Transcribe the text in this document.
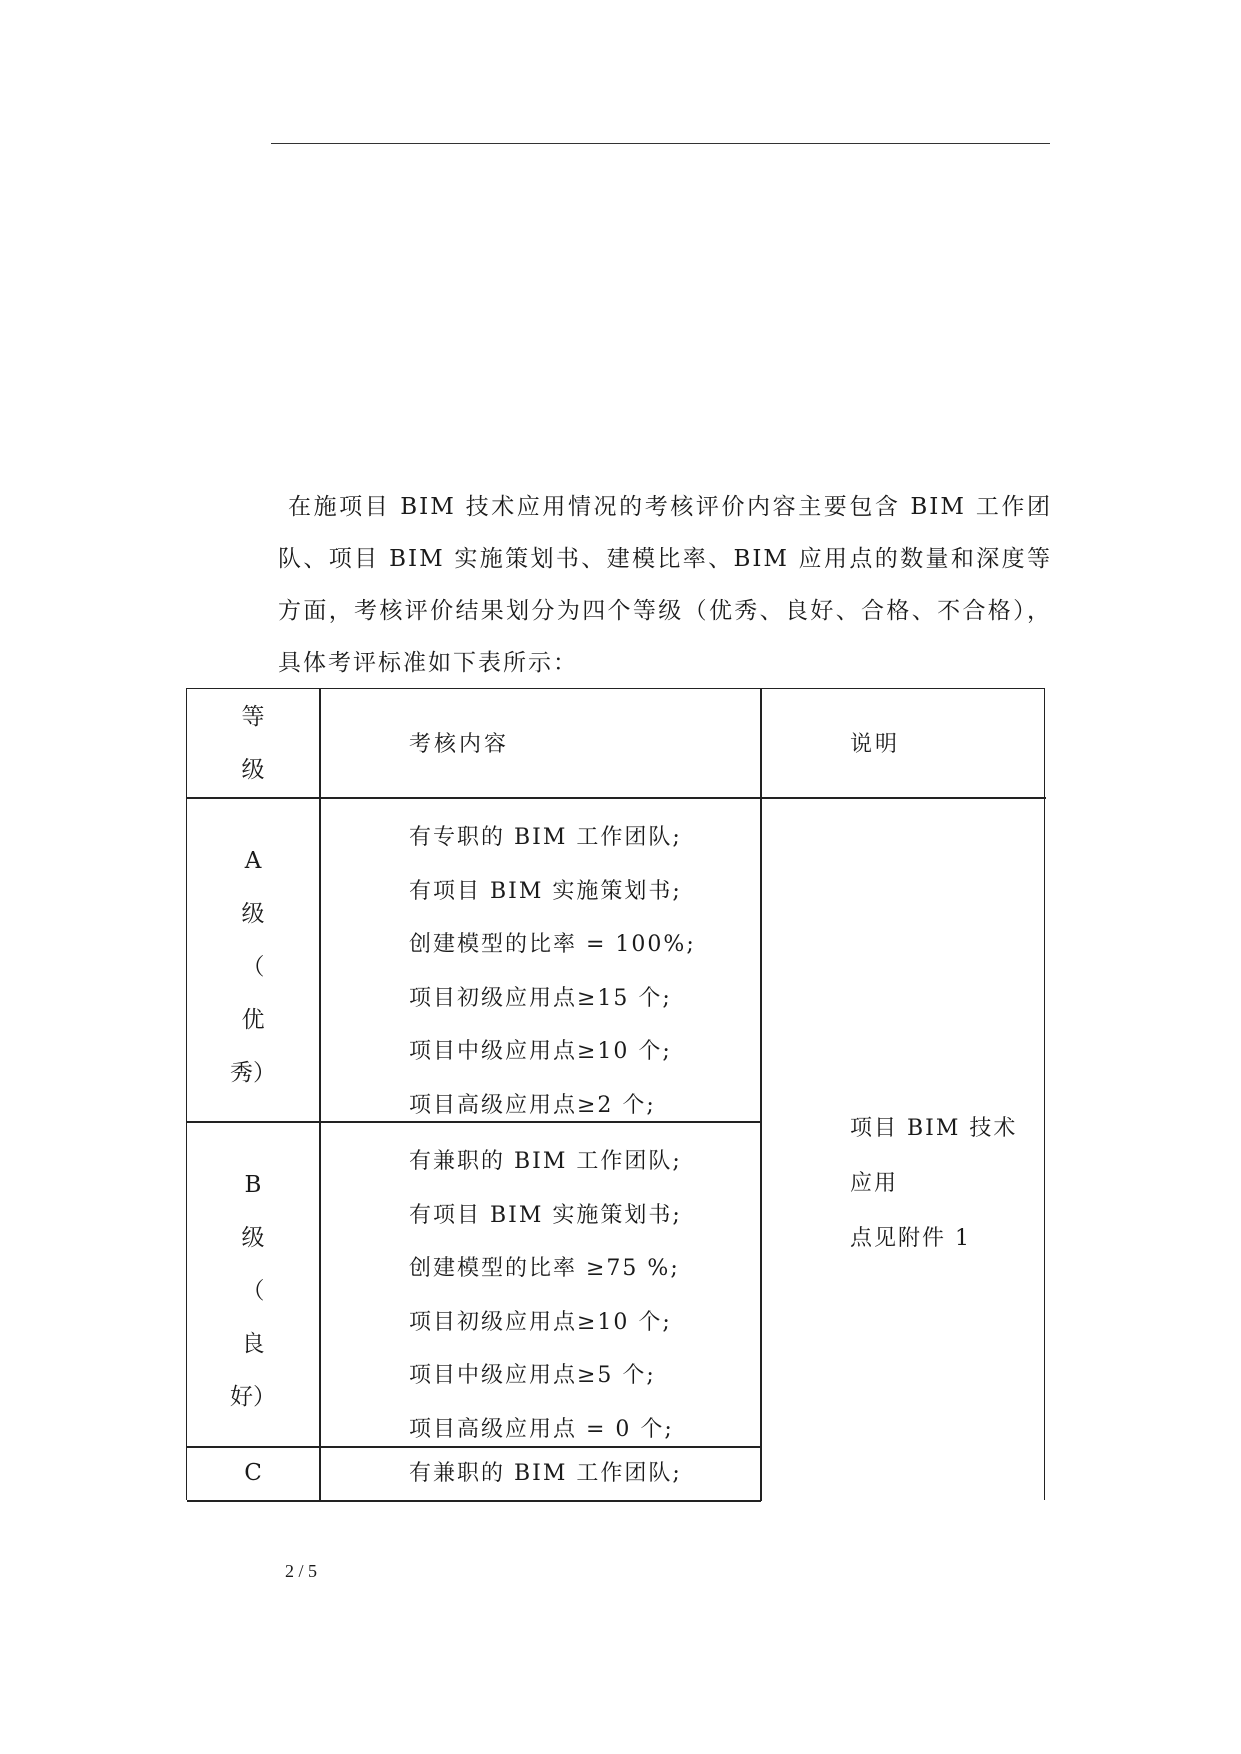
在施项目 BIM 技术应用情况的考核评价内容主要包含 BIM 工作团队、项目 BIM 实施策划书、建模比率、BIM 应用点的数量和深度等方面，考核评价结果划分为四个等级（优秀、良好、合格、不合格），具体考评标准如下表所示：

等
级
考核内容	说明
A
级
（
优
秀）
有专职的 BIM 工作团队;
有项目 BIM 实施策划书;
创建模型的比率 = 100%;
项目初级应用点≥15 个;
项目中级应用点≥10 个;
项目高级应用点≥2 个;
B
级
（
良
好）
有兼职的 BIM 工作团队;
有项目 BIM 实施策划书;
创建模型的比率 ≥75 %;
项目初级应用点≥10 个;
项目中级应用点≥5 个;
项目高级应用点 = 0 个;
C	有兼职的 BIM 工作团队;
项目 BIM 技术应用
点见附件 1
2 / 5
